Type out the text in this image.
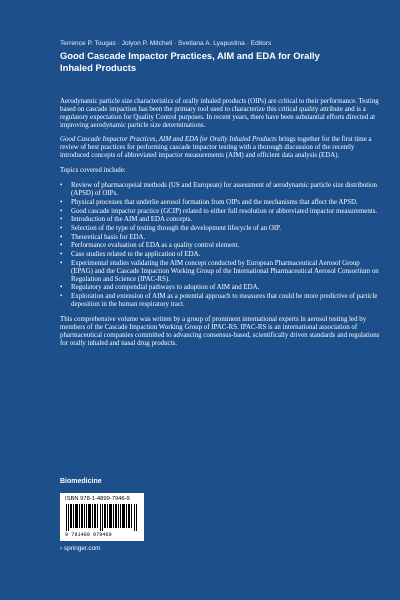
Terrence P. Tougas · Jolyon P. Mitchell · Svetlana A. Lyapustina · Editors
Good Cascade Impactor Practices, AIM and EDA for Orally Inhaled Products

Aerodynamic particle size characteristics of orally inhaled products (OIPs) are critical to their performance. Testing based on cascade impaction has been the primary tool used to characterize this critical quality attribute and is a regulatory expectation for Quality Control purposes. In recent years, there have been substantial efforts directed at improving aerodynamic particle size determinations.

Good Cascade Impactor Practices, AIM and EDA for Orally Inhaled Products brings together for the first time a review of best practices for performing cascade impactor testing with a thorough discussion of the recently introduced concepts of abbreviated impactor measurements (AIM) and efficient data analysis (EDA).

Topics covered include:

• Review of pharmacopeial methods (US and European) for assessment of aerodynamic particle size distribution (APSD) of OIPs.
• Physical processes that underlie aerosol formation from OIPs and the mechanisms that affect the APSD.
• Good cascade impactor practice (GCIP) related to either full resolution or abbreviated impactor measurements.
• Introduction of the AIM and EDA concepts.
• Selection of the type of testing through the development lifecycle of an OIP.
• Theoretical basis for EDA.
• Performance evaluation of EDA as a quality control element.
• Case studies related to the application of EDA.
• Experimental studies validating the AIM concept conducted by European Pharmaceutical Aerosol Group (EPAG) and the Cascade Impaction Working Group of the International Pharmaceutical Aerosol Consortium on Regulation and Science (IPAC-RS).
• Regulatory and compendial pathways to adoption of AIM and EDA.
• Exploration and extension of AIM as a potential approach to measures that could be more predictive of particle deposition in the human respiratory tract.

This comprehensive volume was written by a group of prominent international experts in aerosol testing led by members of the Cascade Impaction Working Group of IPAC-RS. IPAC-RS is an international association of pharmaceutical companies committed to advancing consensus-based, scientifically driven standards and regulations for orally inhaled and nasal drug products.

Biomedicine
ISBN 978-1-4899-7946-9
9 781489 979469
› springer.com
